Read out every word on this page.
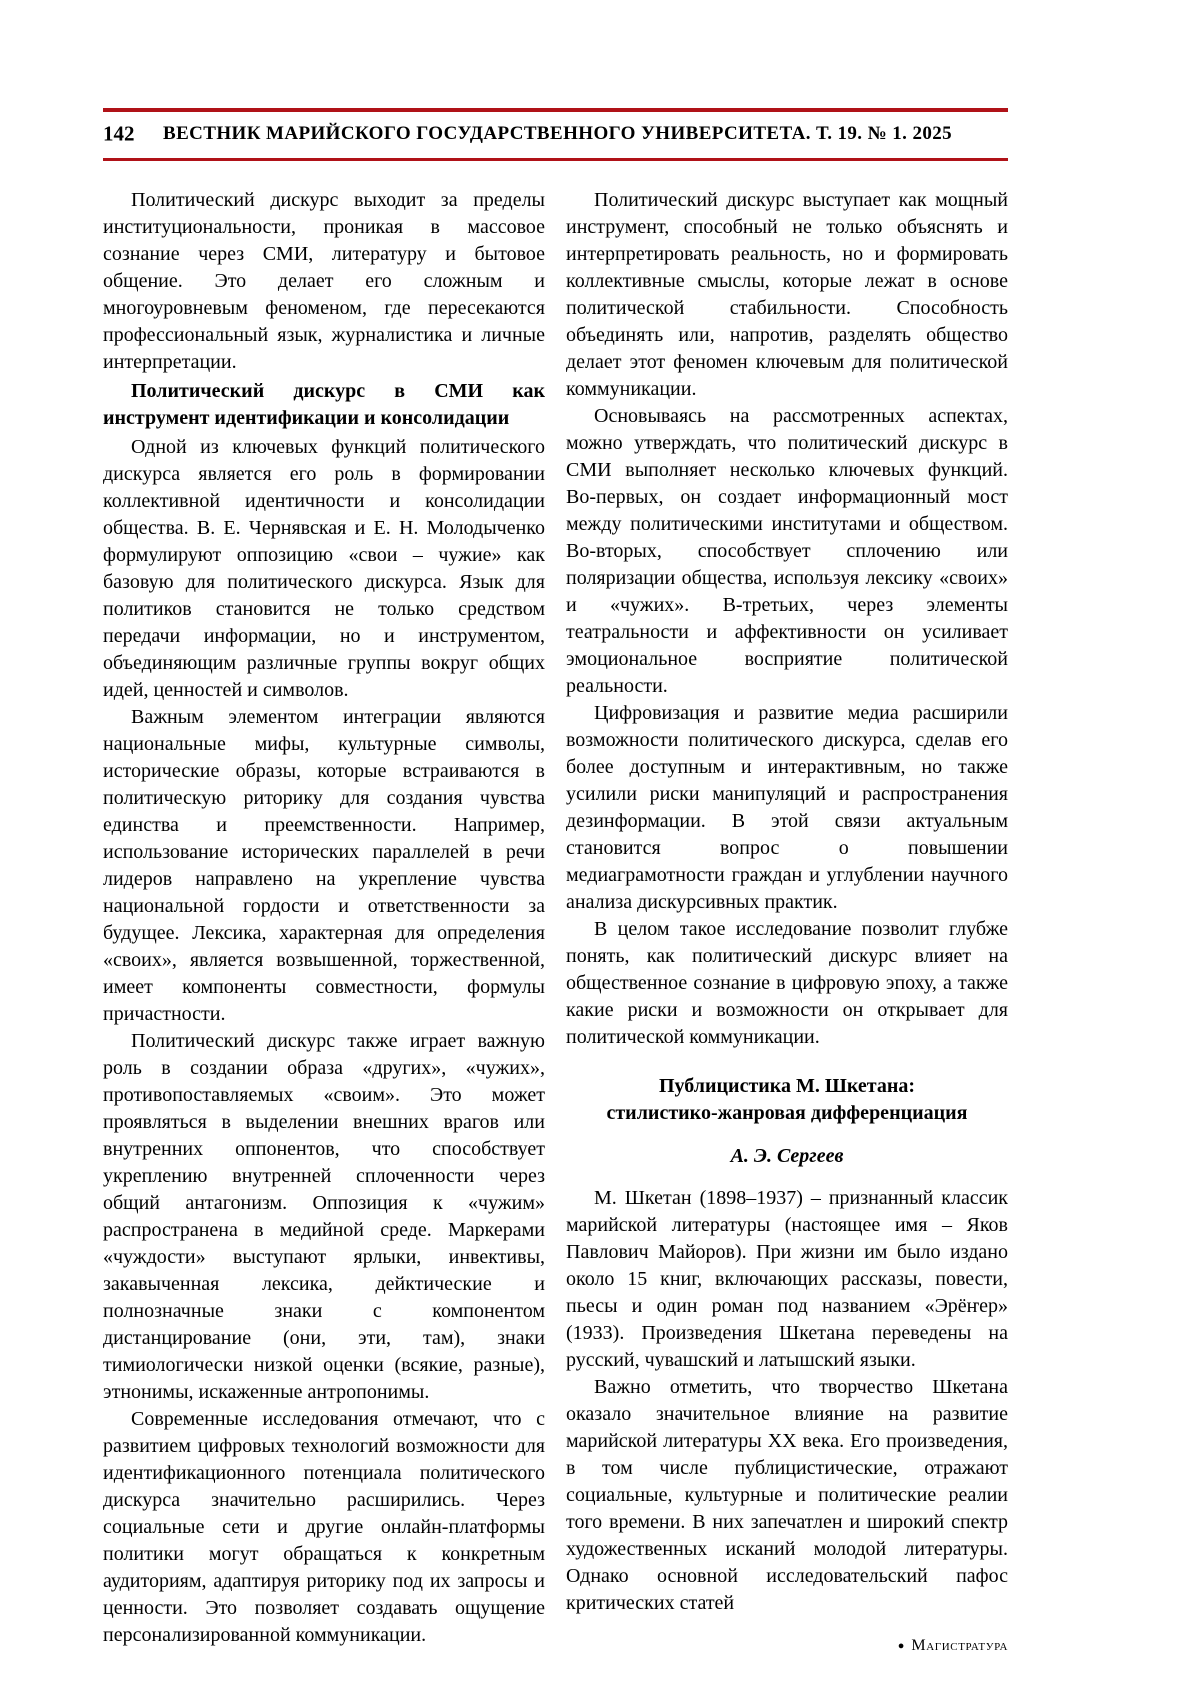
142	ВЕСТНИК МАРИЙСКОГО ГОСУДАРСТВЕННОГО УНИВЕРСИТЕТА. Т. 19. № 1. 2025

Политический дискурс выходит за пределы институциональности, проникая в массовое сознание через СМИ, литературу и бытовое общение. Это делает его сложным и многоуровневым феноменом, где пересекаются профессиональный язык, журналистика и личные интерпретации.

Политический дискурс в СМИ как инструмент идентификации и консолидации

Одной из ключевых функций политического дискурса является его роль в формировании коллективной идентичности и консолидации общества. В. Е. Чернявская и Е. Н. Молодыченко формулируют оппозицию «свои – чужие» как базовую для политического дискурса. Язык для политиков становится не только средством передачи информации, но и инструментом, объединяющим различные группы вокруг общих идей, ценностей и символов.

Важным элементом интеграции являются национальные мифы, культурные символы, исторические образы, которые встраиваются в политическую риторику для создания чувства единства и преемственности. Например, использование исторических параллелей в речи лидеров направлено на укрепление чувства национальной гордости и ответственности за будущее. Лексика, характерная для определения «своих», является возвышенной, торжественной, имеет компоненты совместности, формулы причастности.

Политический дискурс также играет важную роль в создании образа «других», «чужих», противопоставляемых «своим». Это может проявляться в выделении внешних врагов или внутренних оппонентов, что способствует укреплению внутренней сплоченности через общий антагонизм. Оппозиция к «чужим» распространена в медийной среде. Маркерами «чуждости» выступают ярлыки, инвективы, закавыченная лексика, дейктические и полнозначные знаки с компонентом дистанцирование (они, эти, там), знаки тимиологически низкой оценки (всякие, разные), этнонимы, искаженные антропонимы.

Современные исследования отмечают, что с развитием цифровых технологий возможности для идентификационного потенциала политического дискурса значительно расширились. Через социальные сети и другие онлайн-платформы политики могут обращаться к конкретным аудиториям, адаптируя риторику под их запросы и ценности. Это позволяет создавать ощущение персонализированной коммуникации.

Политический дискурс выступает как мощный инструмент, способный не только объяснять и интерпретировать реальность, но и формировать коллективные смыслы, которые лежат в основе политической стабильности. Способность объединять или, напротив, разделять общество делает этот феномен ключевым для политической коммуникации.

Основываясь на рассмотренных аспектах, можно утверждать, что политический дискурс в СМИ выполняет несколько ключевых функций. Во-первых, он создает информационный мост между политическими институтами и обществом. Во-вторых, способствует сплочению или поляризации общества, используя лексику «своих» и «чужих». В-третьих, через элементы театральности и аффективности он усиливает эмоциональное восприятие политической реальности.

Цифровизация и развитие медиа расширили возможности политического дискурса, сделав его более доступным и интерактивным, но также усилили риски манипуляций и распространения дезинформации. В этой связи актуальным становится вопрос о повышении медиаграмотности граждан и углублении научного анализа дискурсивных практик.

В целом такое исследование позволит глубже понять, как политический дискурс влияет на общественное сознание в цифровую эпоху, а также какие риски и возможности он открывает для политической коммуникации.

Публицистика М. Шкетана:
стилистико-жанровая дифференциация
А. Э. Сергеев

М. Шкетан (1898–1937) – признанный классик марийской литературы (настоящее имя – Яков Павлович Майоров). При жизни им было издано около 15 книг, включающих рассказы, повести, пьесы и один роман под названием «Эрёҥер» (1933). Произведения Шкетана переведены на русский, чувашский и латышский языки.

Важно отметить, что творчество Шкетана оказало значительное влияние на развитие марийской литературы XX века. Его произведения, в том числе публицистические, отражают социальные, культурные и политические реалии того времени. В них запечатлен и широкий спектр художественных исканий молодой литературы. Однако основной исследовательский пафос критических статей

● Магистратура
